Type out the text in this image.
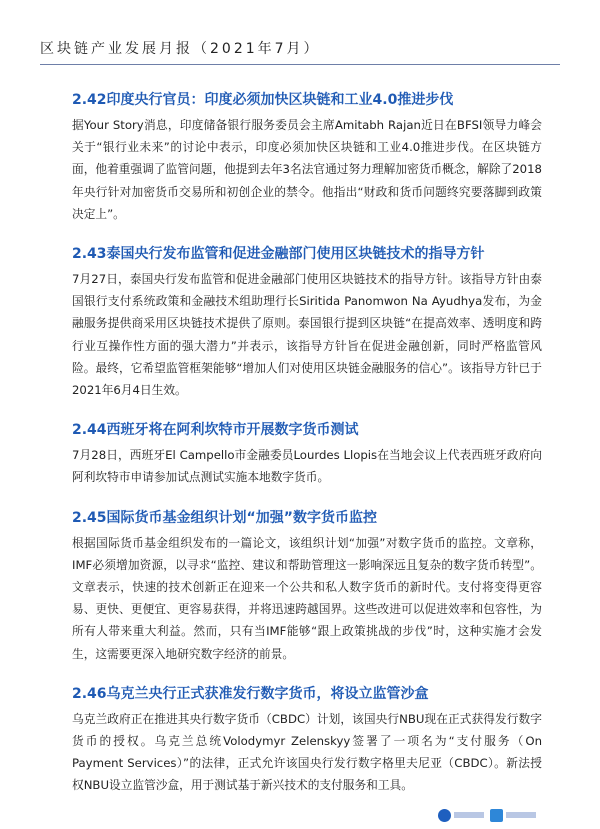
区块链产业发展月报（2021年7月）

2.42印度央行官员：印度必须加快区块链和工业4.0推进步伐

据Your Story消息，印度储备银行服务委员会主席Amitabh Rajan近日在BFSI领导力峰会关于“银行业未来”的讨论中表示，印度必须加快区块链和工业4.0推进步伐。在区块链方面，他着重强调了监管问题，他提到去年3名法官通过努力理解加密货币概念，解除了2018年央行针对加密货币交易所和初创企业的禁令。他指出“财政和货币问题终究要落脚到政策决定上”。

2.43泰国央行发布监管和促进金融部门使用区块链技术的指导方针

7月27日，泰国央行发布监管和促进金融部门使用区块链技术的指导方针。该指导方针由泰国银行支付系统政策和金融技术组助理行长Siritida Panomwon Na Ayudhya发布，为金融服务提供商采用区块链技术提供了原则。泰国银行提到区块链“在提高效率、透明度和跨行业互操作性方面的强大潜力”并表示，该指导方针旨在促进金融创新，同时严格监管风险。最终，它希望监管框架能够“增加人们对使用区块链金融服务的信心”。该指导方针已于2021年6月4日生效。

2.44西班牙将在阿利坎特市开展数字货币测试

7月28日，西班牙El Campello市金融委员Lourdes Llopis在当地会议上代表西班牙政府向阿利坎特市申请参加试点测试实施本地数字货币。

2.45国际货币基金组织计划“加强”数字货币监控

根据国际货币基金组织发布的一篇论文，该组织计划“加强”对数字货币的监控。文章称，IMF必须增加资源，以寻求“监控、建议和帮助管理这一影响深远且复杂的数字货币转型”。文章表示，快速的技术创新正在迎来一个公共和私人数字货币的新时代。支付将变得更容易、更快、更便宜、更容易获得，并将迅速跨越国界。这些改进可以促进效率和包容性，为所有人带来重大利益。然而，只有当IMF能够“跟上政策挑战的步伐”时，这种实施才会发生，这需要更深入地研究数字经济的前景。

2.46乌克兰央行正式获准发行数字货币，将设立监管沙盒

乌克兰政府正在推进其央行数字货币（CBDC）计划，该国央行NBU现在正式获得发行数字货币的授权。乌克兰总统Volodymyr Zelenskyy签署了一项名为“支付服务（On Payment Services）”的法律，正式允许该国央行发行数字格里夫尼亚（CBDC）。新法授权NBU设立监管沙盒，用于测试基于新兴技术的支付服务和工具。
